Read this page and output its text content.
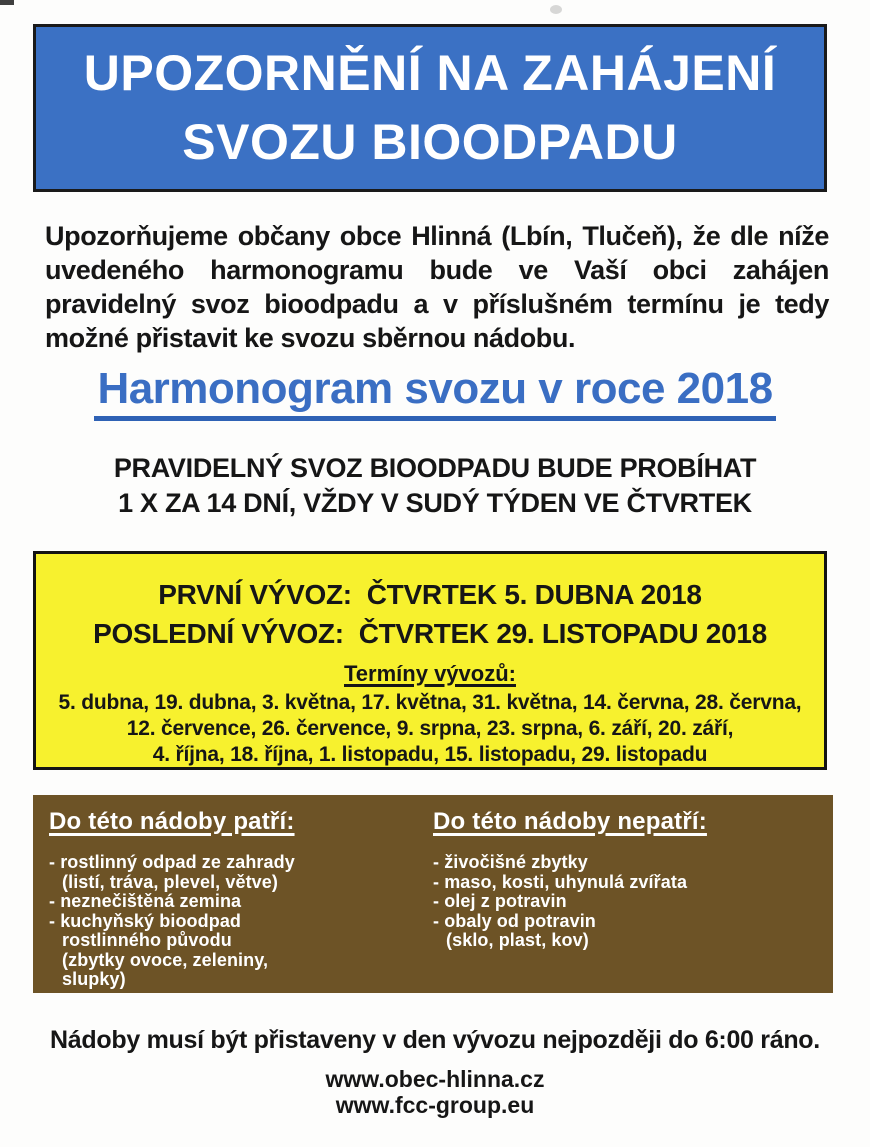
UPOZORNĚNÍ NA ZAHÁJENÍ
SVOZU BIOODPADU
Upozorňujeme občany obce Hlinná (Lbín, Tlučeň), že dle níže
uvedeného harmonogramu bude ve Vaší obci zahájen
pravidelný svoz bioodpadu a v příslušném termínu je tedy
možné přistavit ke svozu sběrnou nádobu.
Harmonogram svozu v roce 2018
PRAVIDELNÝ SVOZ BIOODPADU BUDE PROBÍHAT
1 X ZA 14 DNÍ, VŽDY V SUDÝ TÝDEN VE ČTVRTEK
PRVNÍ VÝVOZ:  ČTVRTEK 5. DUBNA 2018
POSLEDNÍ VÝVOZ:  ČTVRTEK 29. LISTOPADU 2018
Termíny vývozů:
5. dubna, 19. dubna, 3. května, 17. května, 31. května, 14. června, 28. června,
12. července, 26. července, 9. srpna, 23. srpna, 6. září, 20. září,
4. října, 18. října, 1. listopadu, 15. listopadu, 29. listopadu
Do této nádoby patří:
- rostlinný odpad ze zahrady
(listí, tráva, plevel, větve)
- neznečištěná zemina
- kuchyňský bioodpad
rostlinného původu
(zbytky ovoce, zeleniny,
slupky)
Do této nádoby nepatří:
- živočišné zbytky
- maso, kosti, uhynulá zvířata
- olej z potravin
- obaly od potravin
(sklo, plast, kov)
Nádoby musí být přistaveny v den vývozu nejpozději do 6:00 ráno.
www.obec-hlinna.cz
www.fcc-group.eu
